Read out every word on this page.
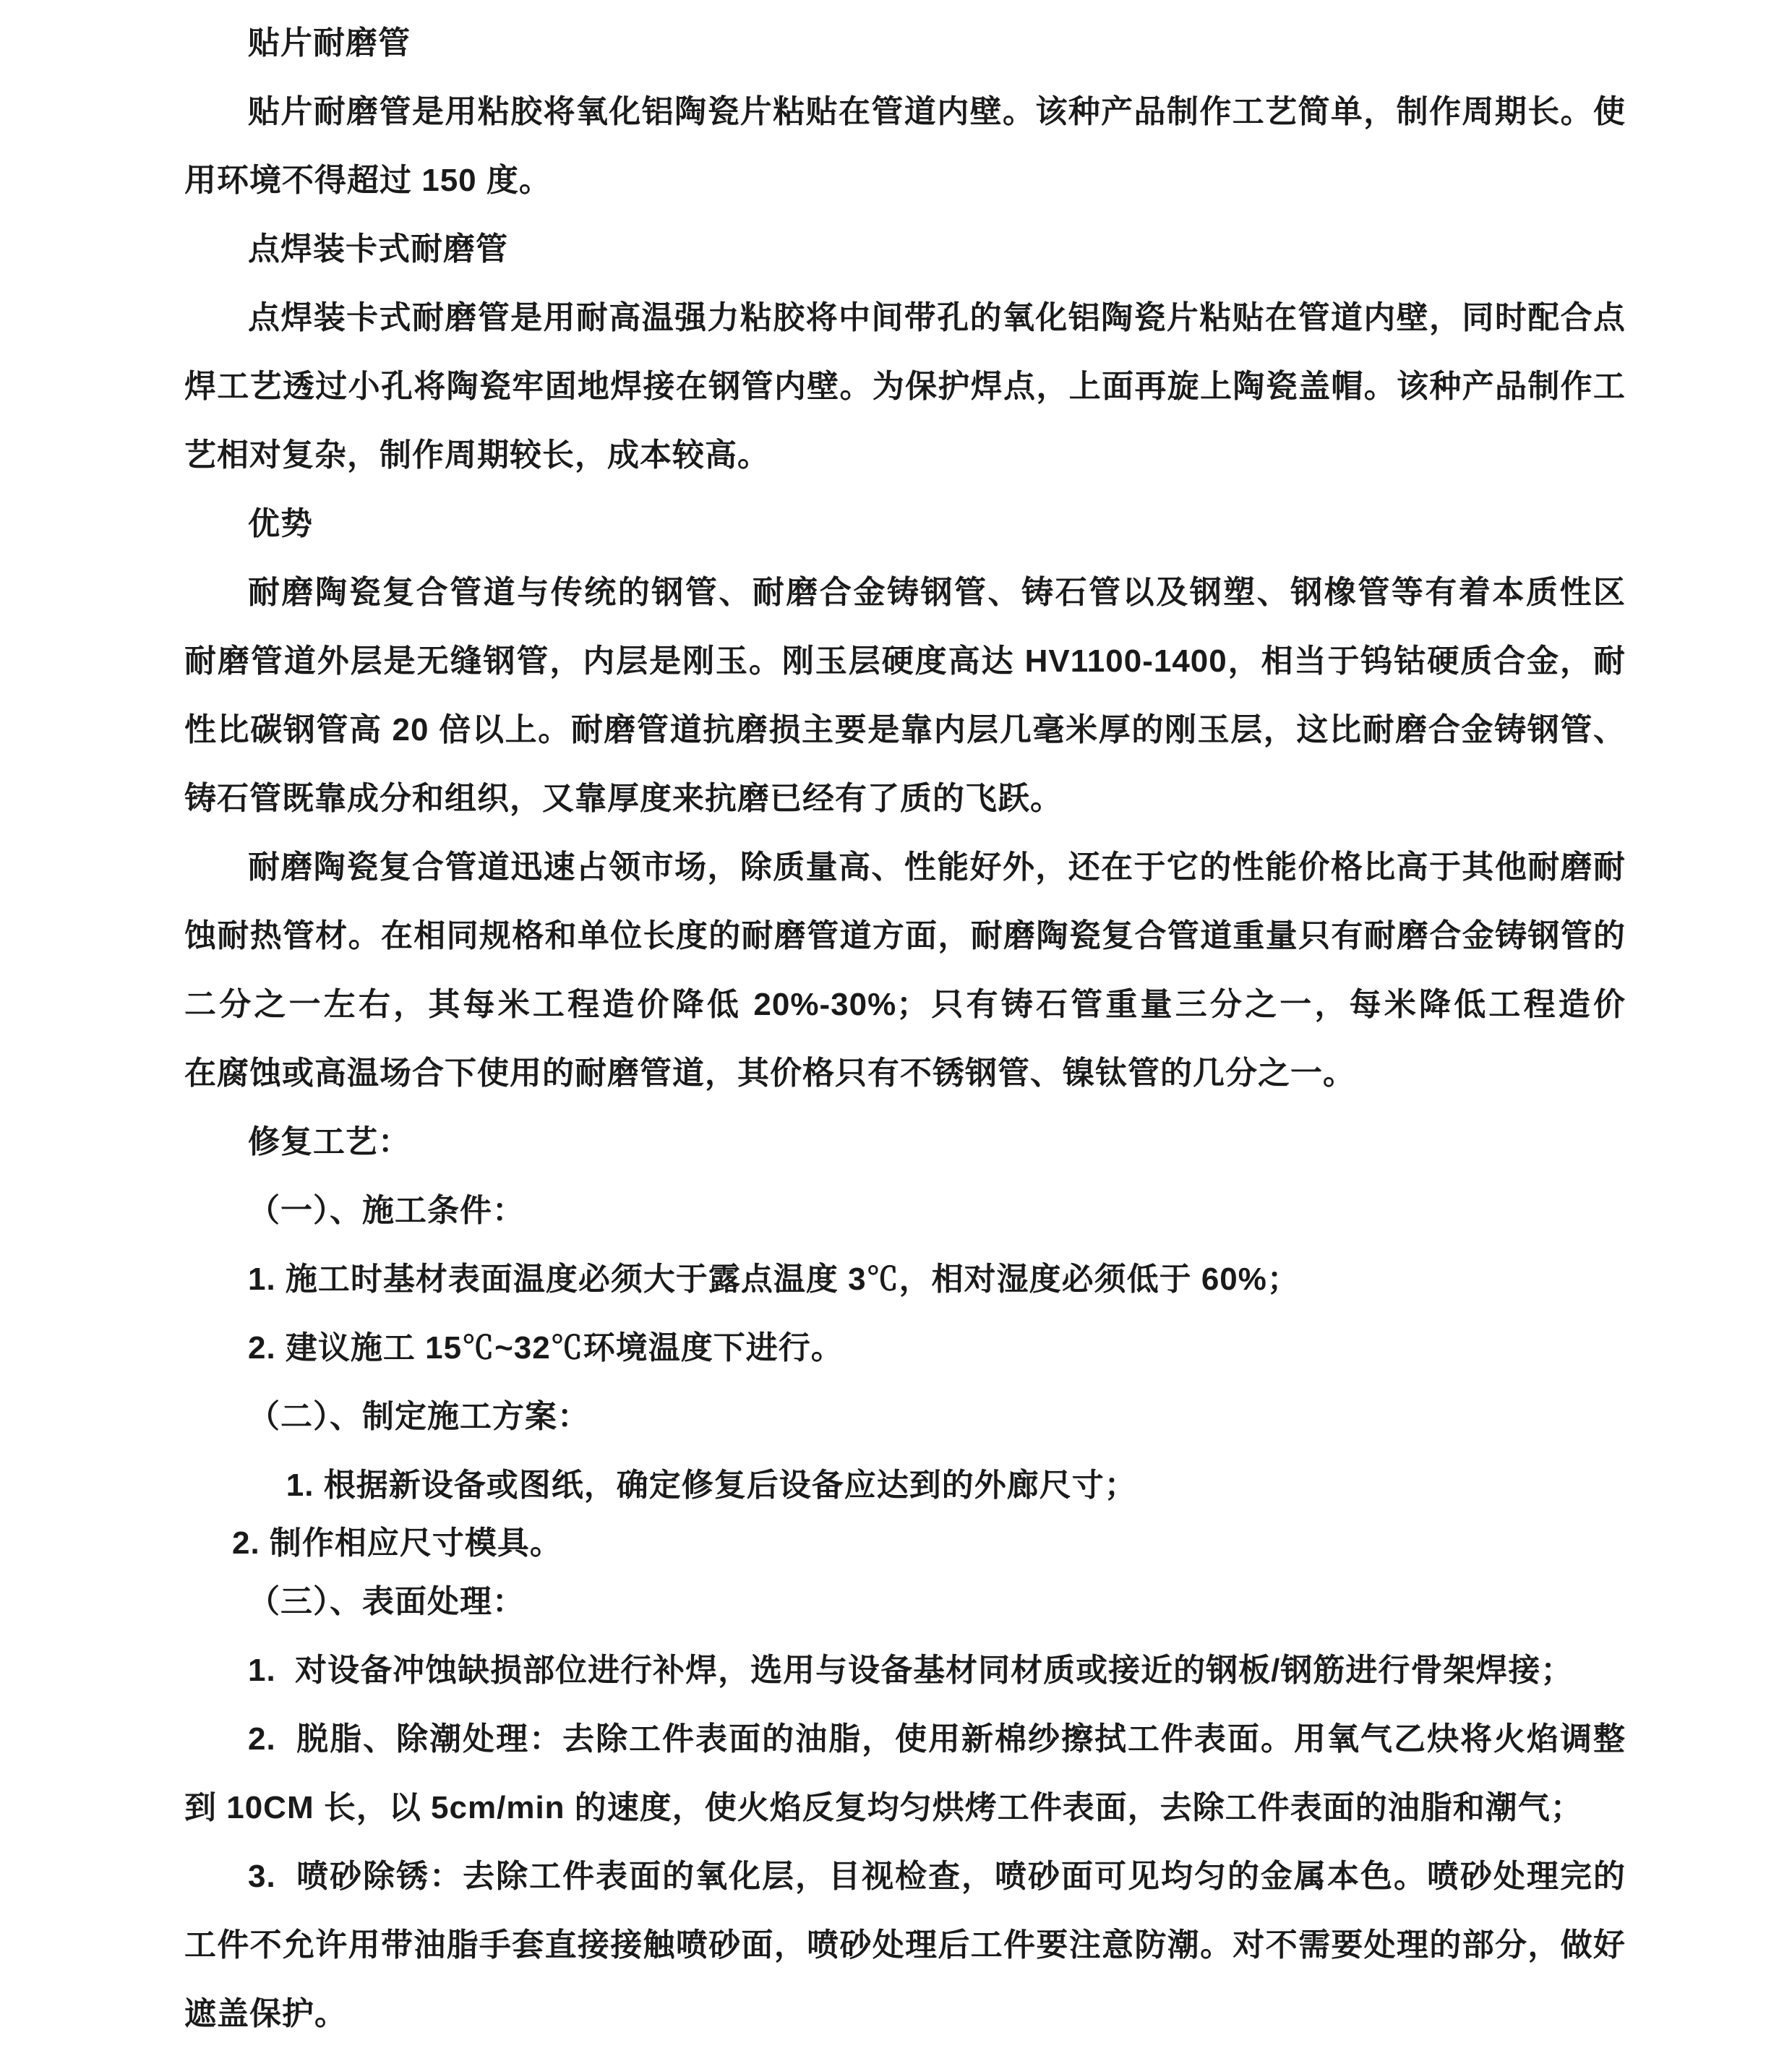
贴片耐磨管
贴片耐磨管是用粘胶将氧化铝陶瓷片粘贴在管道内壁。该种产品制作工艺简单，制作周期长。使
用环境不得超过 150 度。
点焊装卡式耐磨管
点焊装卡式耐磨管是用耐高温强力粘胶将中间带孔的氧化铝陶瓷片粘贴在管道内壁，同时配合点
焊工艺透过小孔将陶瓷牢固地焊接在钢管内壁。为保护焊点，上面再旋上陶瓷盖帽。该种产品制作工
艺相对复杂，制作周期较长，成本较高。
优势
耐磨陶瓷复合管道与传统的钢管、耐磨合金铸钢管、铸石管以及钢塑、钢橡管等有着本质性区
耐磨管道外层是无缝钢管，内层是刚玉。刚玉层硬度高达 HV1100-1400，相当于钨钴硬质合金，耐
性比碳钢管高 20 倍以上。耐磨管道抗磨损主要是靠内层几毫米厚的刚玉层，这比耐磨合金铸钢管、
铸石管既靠成分和组织，又靠厚度来抗磨已经有了质的飞跃。
耐磨陶瓷复合管道迅速占领市场，除质量高、性能好外，还在于它的性能价格比高于其他耐磨耐
蚀耐热管材。在相同规格和单位长度的耐磨管道方面，耐磨陶瓷复合管道重量只有耐磨合金铸钢管的
二分之一左右，其每米工程造价降低 20%-30%；只有铸石管重量三分之一，每米降低工程造价
在腐蚀或高温场合下使用的耐磨管道，其价格只有不锈钢管、镍钛管的几分之一。
修复工艺：
（一）、施工条件：
1. 施工时基材表面温度必须大于露点温度 3℃，相对湿度必须低于 60%；
2. 建议施工 15℃~32℃环境温度下进行。
（二）、制定施工方案：
1. 根据新设备或图纸，确定修复后设备应达到的外廊尺寸；
2. 制作相应尺寸模具。
（三）、表面处理：
1.  对设备冲蚀缺损部位进行补焊，选用与设备基材同材质或接近的钢板/钢筋进行骨架焊接；
2.  脱脂、除潮处理：去除工件表面的油脂，使用新棉纱擦拭工件表面。用氧气乙炔将火焰调整
到 10CM 长，以 5cm/min 的速度，使火焰反复均匀烘烤工件表面，去除工件表面的油脂和潮气；
3.  喷砂除锈：去除工件表面的氧化层，目视检查，喷砂面可见均匀的金属本色。喷砂处理完的
工件不允许用带油脂手套直接接触喷砂面，喷砂处理后工件要注意防潮。对不需要处理的部分，做好
遮盖保护。
